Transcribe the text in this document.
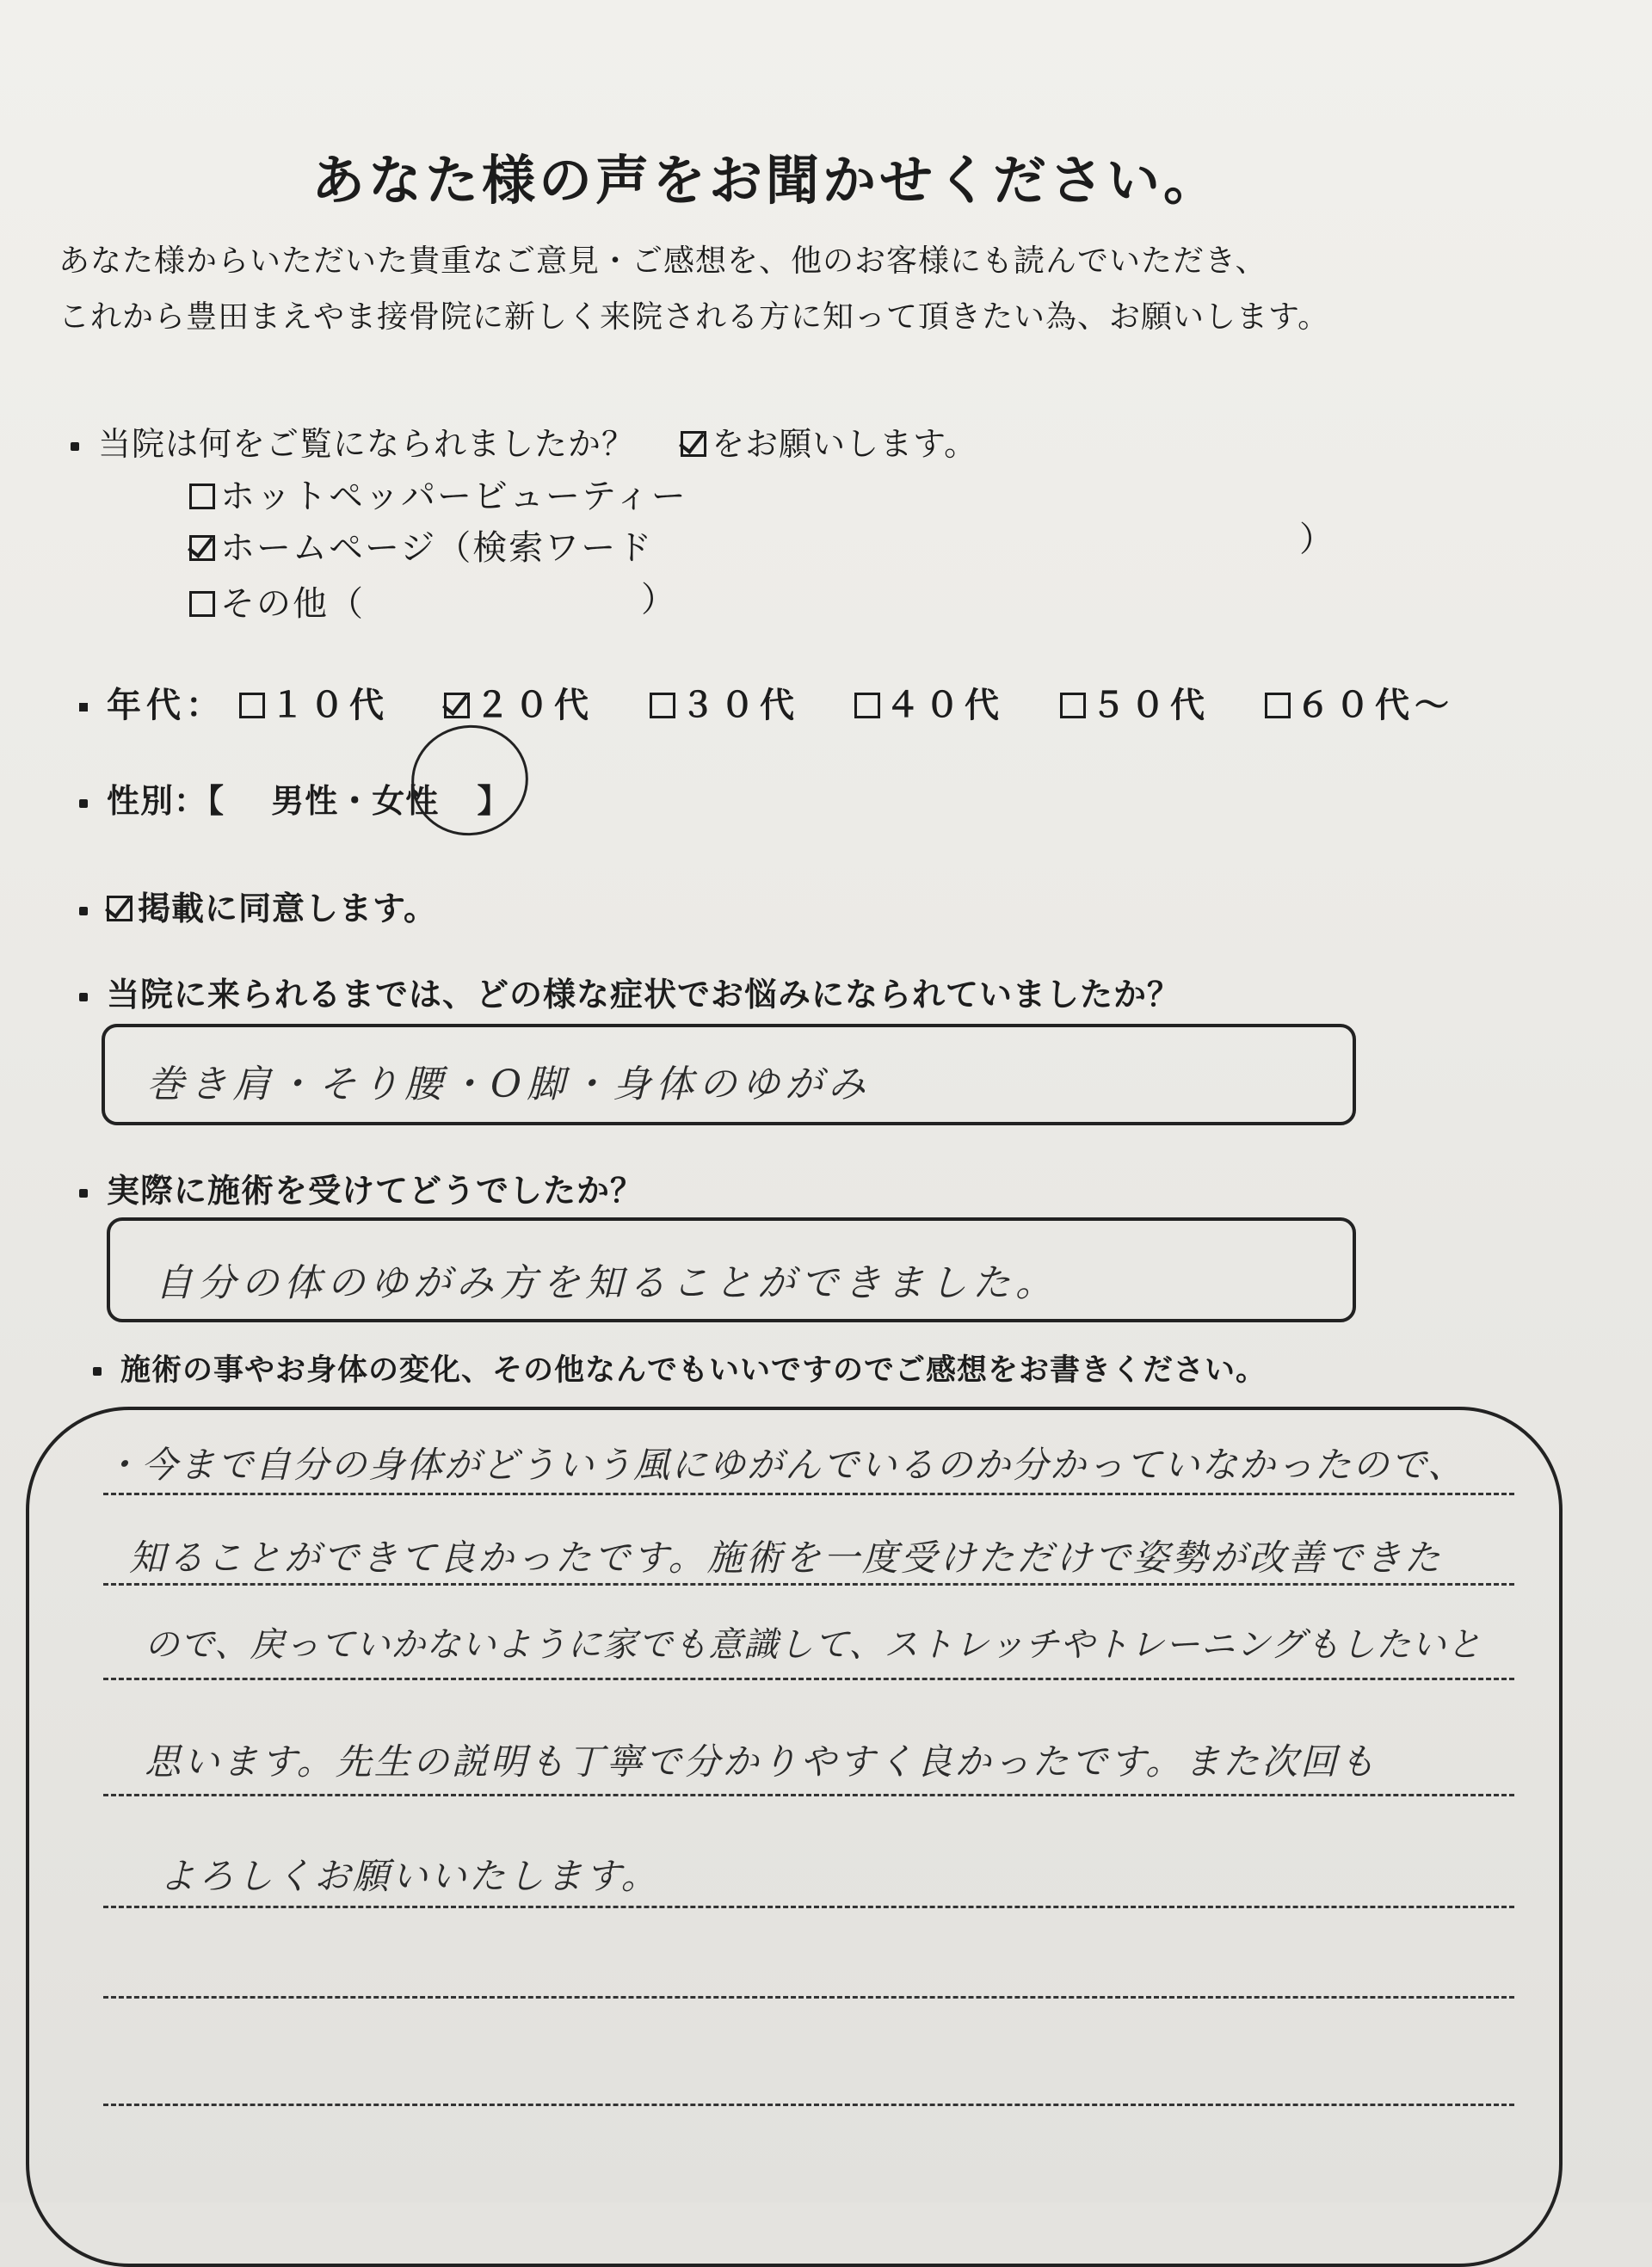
あなた様の声をお聞かせください。
あなた様からいただいた貴重なご意見・ご感想を、他のお客様にも読んでいただき、
これから豊田まえやま接骨院に新しく来院される方に知って頂きたい為、お願いします。
当院は何をご覧になられましたか？ をお願いします。
ホットペッパービューティー
ホームページ（検索ワード	）
その他（	）
年代：	１０代	２０代	３０代	４０代	５０代	６０代～
性別：【 男性・女性 】
掲載に同意します。
当院に来られるまでは、どの様な症状でお悩みになられていましたか？
巻き肩・そり腰・O脚・身体のゆがみ
実際に施術を受けてどうでしたか？
自分の体のゆがみ方を知ることができました。
施術の事やお身体の変化、その他なんでもいいですのでご感想をお書きください。
・今まで自分の身体がどういう風にゆがんでいるのか分かっていなかったので、
知ることができて良かったです。施術を一度受けただけで姿勢が改善できた
ので、戻っていかないように家でも意識して、ストレッチやトレーニングもしたいと
思います。先生の説明も丁寧で分かりやすく良かったです。また次回も
よろしくお願いいたします。
